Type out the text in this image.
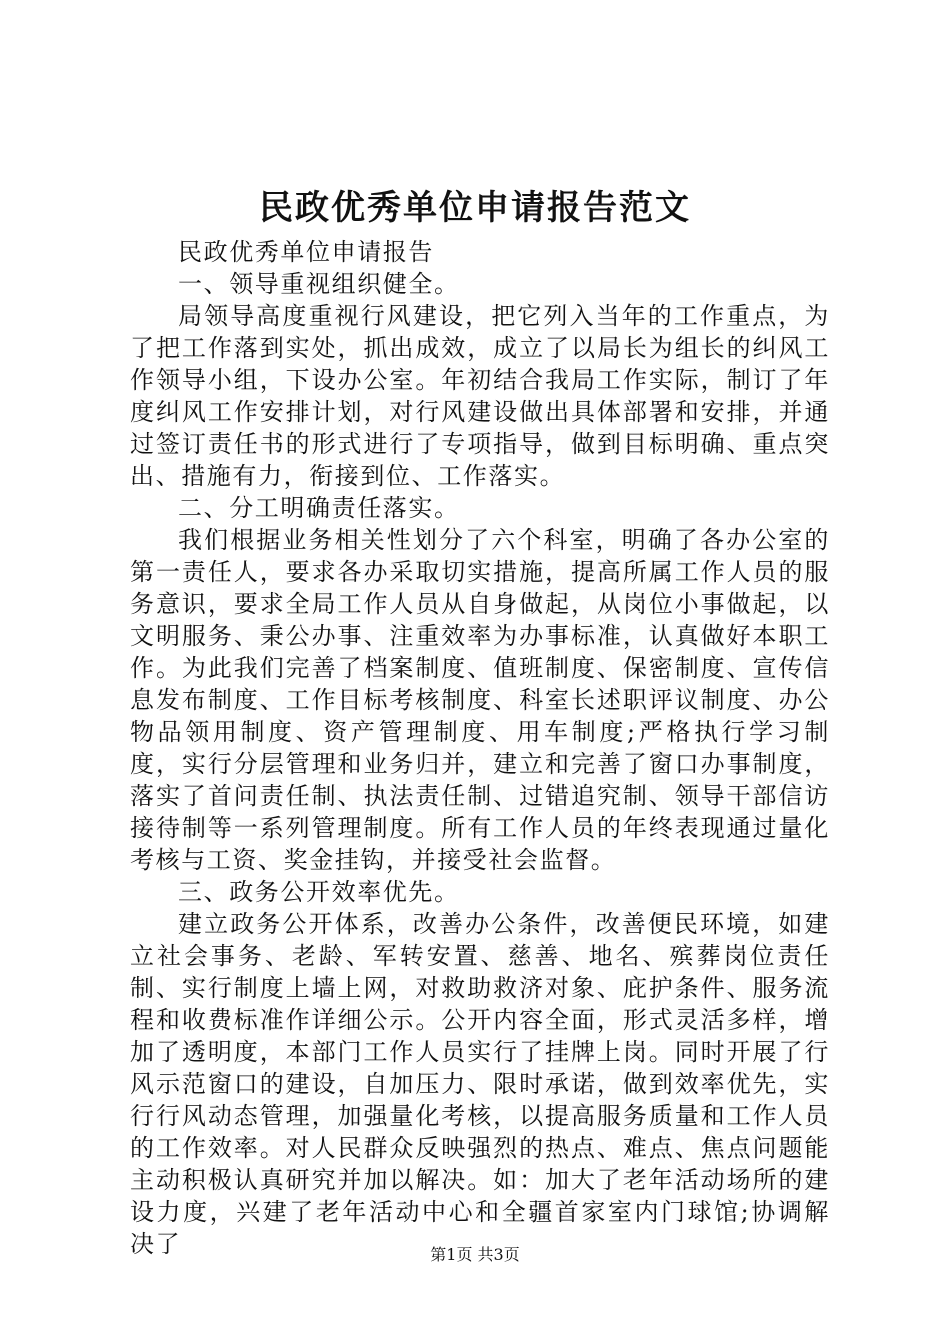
民政优秀单位申请报告范文

民政优秀单位申请报告

一、领导重视组织健全。

局领导高度重视行风建设，把它列入当年的工作重点，为了把工作落到实处，抓出成效，成立了以局长为组长的纠风工作领导小组，下设办公室。年初结合我局工作实际，制订了年度纠风工作安排计划，对行风建设做出具体部署和安排，并通过签订责任书的形式进行了专项指导，做到目标明确、重点突出、措施有力，衔接到位、工作落实。

二、分工明确责任落实。

我们根据业务相关性划分了六个科室，明确了各办公室的第一责任人，要求各办采取切实措施，提高所属工作人员的服务意识，要求全局工作人员从自身做起，从岗位小事做起，以文明服务、秉公办事、注重效率为办事标准，认真做好本职工作。为此我们完善了档案制度、值班制度、保密制度、宣传信息发布制度、工作目标考核制度、科室长述职评议制度、办公物品领用制度、资产管理制度、用车制度;严格执行学习制度，实行分层管理和业务归并，建立和完善了窗口办事制度，落实了首问责任制、执法责任制、过错追究制、领导干部信访接待制等一系列管理制度。所有工作人员的年终表现通过量化考核与工资、奖金挂钩，并接受社会监督。

三、政务公开效率优先。

建立政务公开体系，改善办公条件，改善便民环境，如建立社会事务、老龄、军转安置、慈善、地名、殡葬岗位责任制、实行制度上墙上网，对救助救济对象、庇护条件、服务流程和收费标准作详细公示。公开内容全面，形式灵活多样，增加了透明度，本部门工作人员实行了挂牌上岗。同时开展了行风示范窗口的建设，自加压力、限时承诺，做到效率优先，实行行风动态管理，加强量化考核，以提高服务质量和工作人员的工作效率。对人民群众反映强烈的热点、难点、焦点问题能主动积极认真研究并加以解决。如：加大了老年活动场所的建设力度，兴建了老年活动中心和全疆首家室内门球馆;协调解决了	第1页 共3页
